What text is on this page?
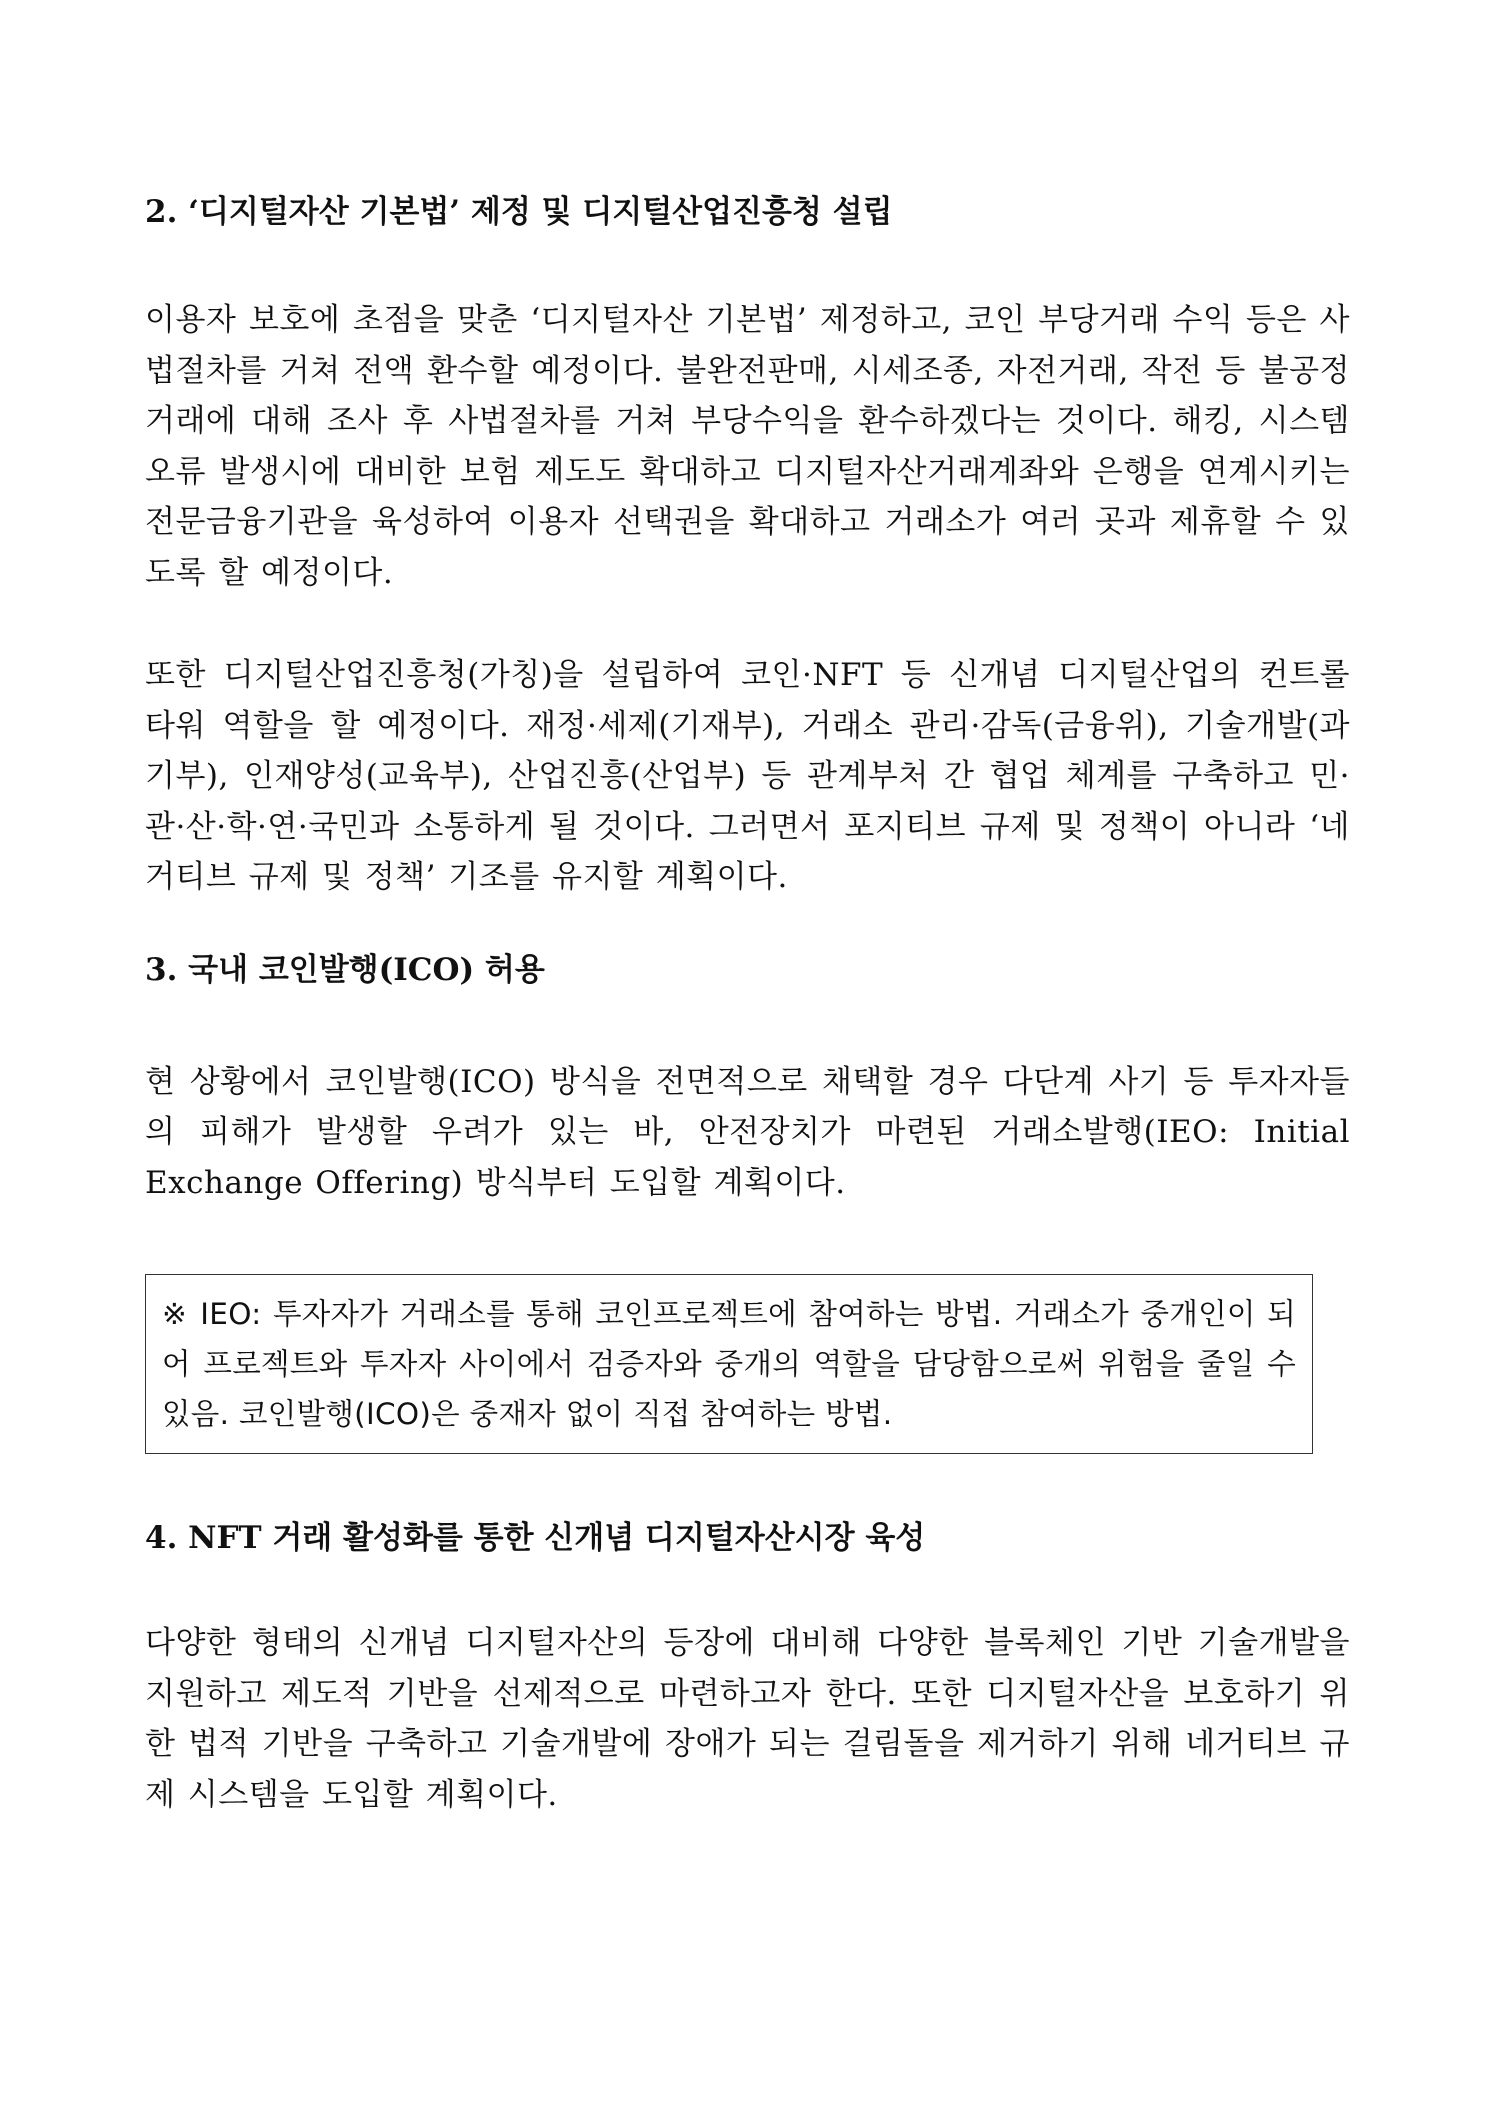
2. ‘디지털자산 기본법’ 제정 및 디지털산업진흥청 설립

이용자 보호에 초점을 맞춘 ‘디지털자산 기본법’ 제정하고, 코인 부당거래 수익 등은 사법절차를 거쳐 전액 환수할 예정이다. 불완전판매, 시세조종, 자전거래, 작전 등 불공정거래에 대해 조사 후 사법절차를 거쳐 부당수익을 환수하겠다는 것이다. 해킹, 시스템 오류 발생시에 대비한 보험 제도도 확대하고 디지털자산거래계좌와 은행을 연계시키는 전문금융기관을 육성하여 이용자 선택권을 확대하고 거래소가 여러 곳과 제휴할 수 있도록 할 예정이다.

또한 디지털산업진흥청(가칭)을 설립하여 코인·NFT 등 신개념 디지털산업의 컨트롤 타워 역할을 할 예정이다. 재정·세제(기재부), 거래소 관리·감독(금융위), 기술개발(과기부), 인재양성(교육부), 산업진흥(산업부) 등 관계부처 간 협업 체계를 구축하고 민·관·산·학·연·국민과 소통하게 될 것이다. 그러면서 포지티브 규제 및 정책이 아니라 ‘네거티브 규제 및 정책’ 기조를 유지할 계획이다.

3. 국내 코인발행(ICO) 허용

현 상황에서 코인발행(ICO) 방식을 전면적으로 채택할 경우 다단계 사기 등 투자자들의 피해가 발생할 우려가 있는 바, 안전장치가 마련된 거래소발행(IEO: Initial Exchange Offering) 방식부터 도입할 계획이다.

※ IEO: 투자자가 거래소를 통해 코인프로젝트에 참여하는 방법. 거래소가 중개인이 되어 프로젝트와 투자자 사이에서 검증자와 중개의 역할을 담당함으로써 위험을 줄일 수 있음. 코인발행(ICO)은 중재자 없이 직접 참여하는 방법.

4. NFT 거래 활성화를 통한 신개념 디지털자산시장 육성

다양한 형태의 신개념 디지털자산의 등장에 대비해 다양한 블록체인 기반 기술개발을 지원하고 제도적 기반을 선제적으로 마련하고자 한다. 또한 디지털자산을 보호하기 위한 법적 기반을 구축하고 기술개발에 장애가 되는 걸림돌을 제거하기 위해 네거티브 규제 시스템을 도입할 계획이다.
